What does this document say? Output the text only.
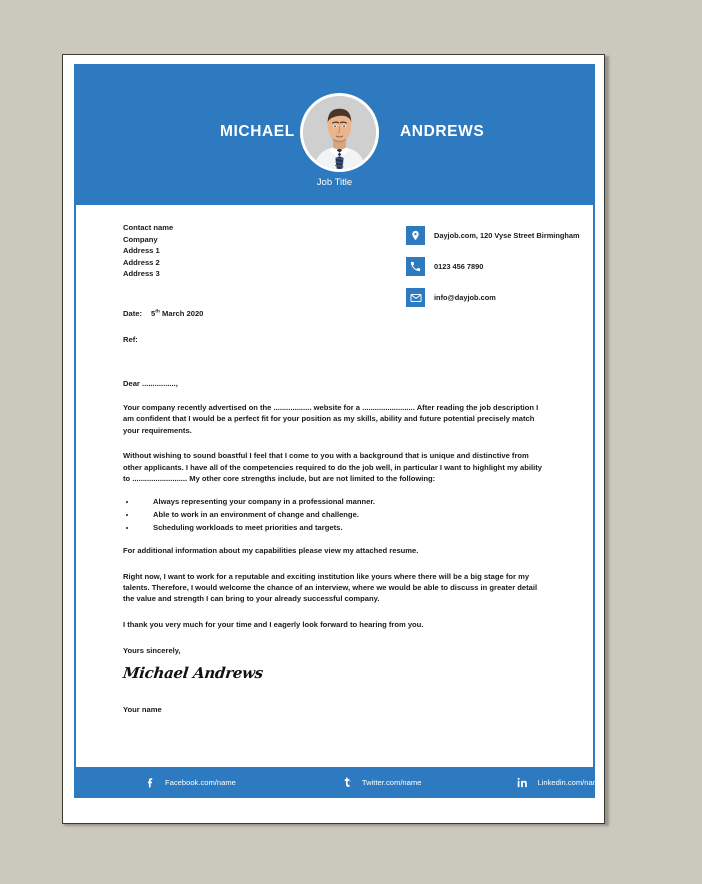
MICHAEL	ANDREWS
Job Title
Contact name
Company
Address 1
Address 2
Address 3
Dayjob.com, 120 Vyse Street Birmingham
0123 456 7890
info@dayjob.com
Date: 5th March 2020
Ref:
Dear ................,
Your company recently advertised on the .................. website for a ......................... After reading the job description I am confident that I would be a perfect fit for your position as my skills, ability and future potential precisely match your requirements.
Without wishing to sound boastful I feel that I come to you with a background that is unique and distinctive from other applicants. I have all of the competencies required to do the job well, in particular I want to highlight my ability to .......................... My other core strengths include, but are not limited to the following:
• Always representing your company in a professional manner.
• Able to work in an environment of change and challenge.
• Scheduling workloads to meet priorities and targets.
For additional information about my capabilities please view my attached resume.
Right now, I want to work for a reputable and exciting institution like yours where there will be a big stage for my talents. Therefore, I would welcome the chance of an interview, where we would be able to discuss in greater detail the value and strength I can bring to your already successful company.
I thank you very much for your time and I eagerly look forward to hearing from you.
Yours sincerely,
Michael Andrews
Your name
Facebook.com/name	Twitter.com/name	Linkedin.com/name
